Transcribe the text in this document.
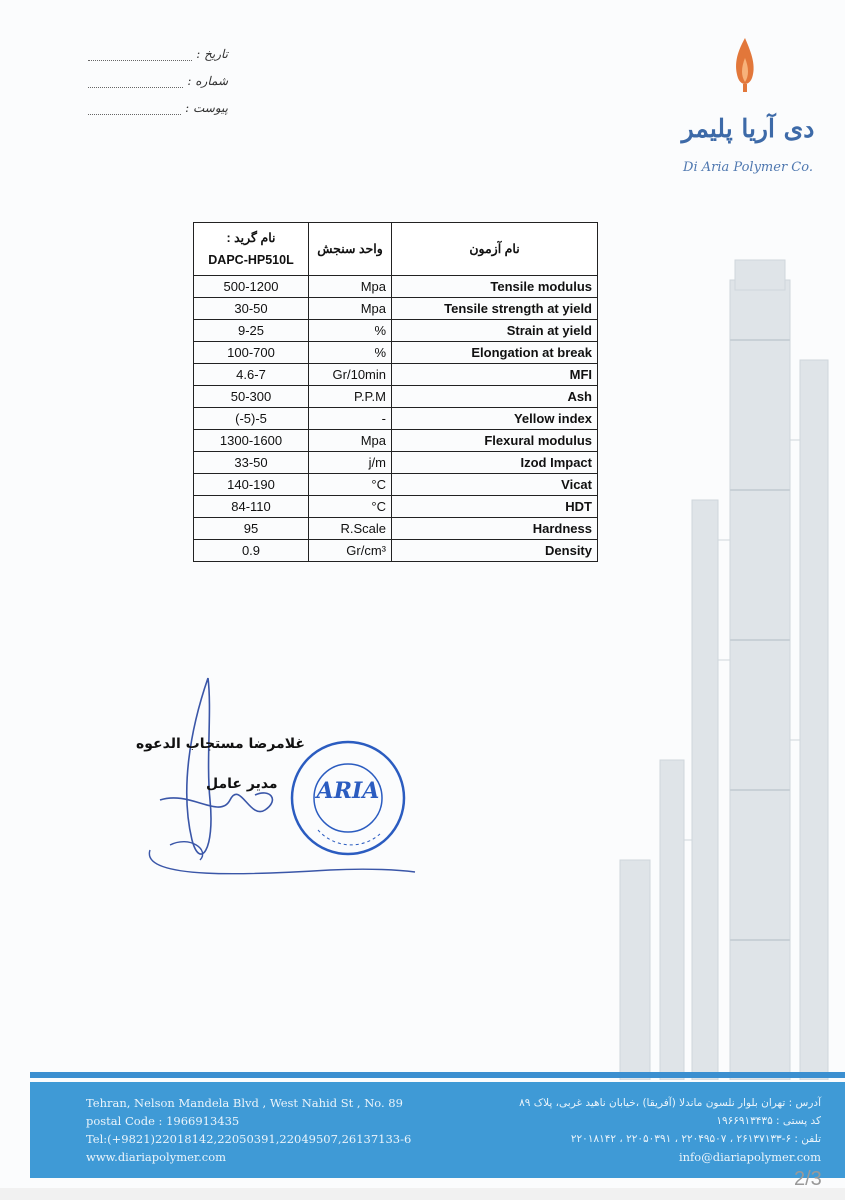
تاریخ :
شماره :
پیوست :
دی آریا پلیمر
Di Aria Polymer Co.
نام گرید :
DAPC-HP510L	واحد سنجش	نام آزمون
500-1200	Mpa	Tensile modulus
30-50	Mpa	Tensile strength at yield
9-25	%	Strain at yield
100-700	%	Elongation at break
4.6-7	Gr/10min	MFI
50-300	P.P.M	Ash
(-5)-5	-	Yellow index
1300-1600	Mpa	Flexural modulus
33-50	j/m	Izod Impact
140-190	°C	Vicat
84-110	°C	HDT
95	R.Scale	Hardness
0.9	Gr/cm³	Density
غلامرضا مستجاب الدعوه
مدیر عامل	ARIA
Tehran, Nelson Mandela Blvd , West Nahid St , No. 89
postal Code : 1966913435
Tel:(+9821)22018142,22050391,22049507,26137133-6
www.diariapolymer.com
آدرس : تهران بلوار نلسون ماندلا (آفریقا) ،خیابان ناهید غربی، پلاک ۸۹
کد پستی : ۱۹۶۶۹۱۳۴۳۵
تلفن : ۶-۲۶۱۳۷۱۳۳ ، ۲۲۰۴۹۵۰۷ ، ۲۲۰۵۰۳۹۱ ، ۲۲۰۱۸۱۴۲
info@diariapolymer.com
2/3
